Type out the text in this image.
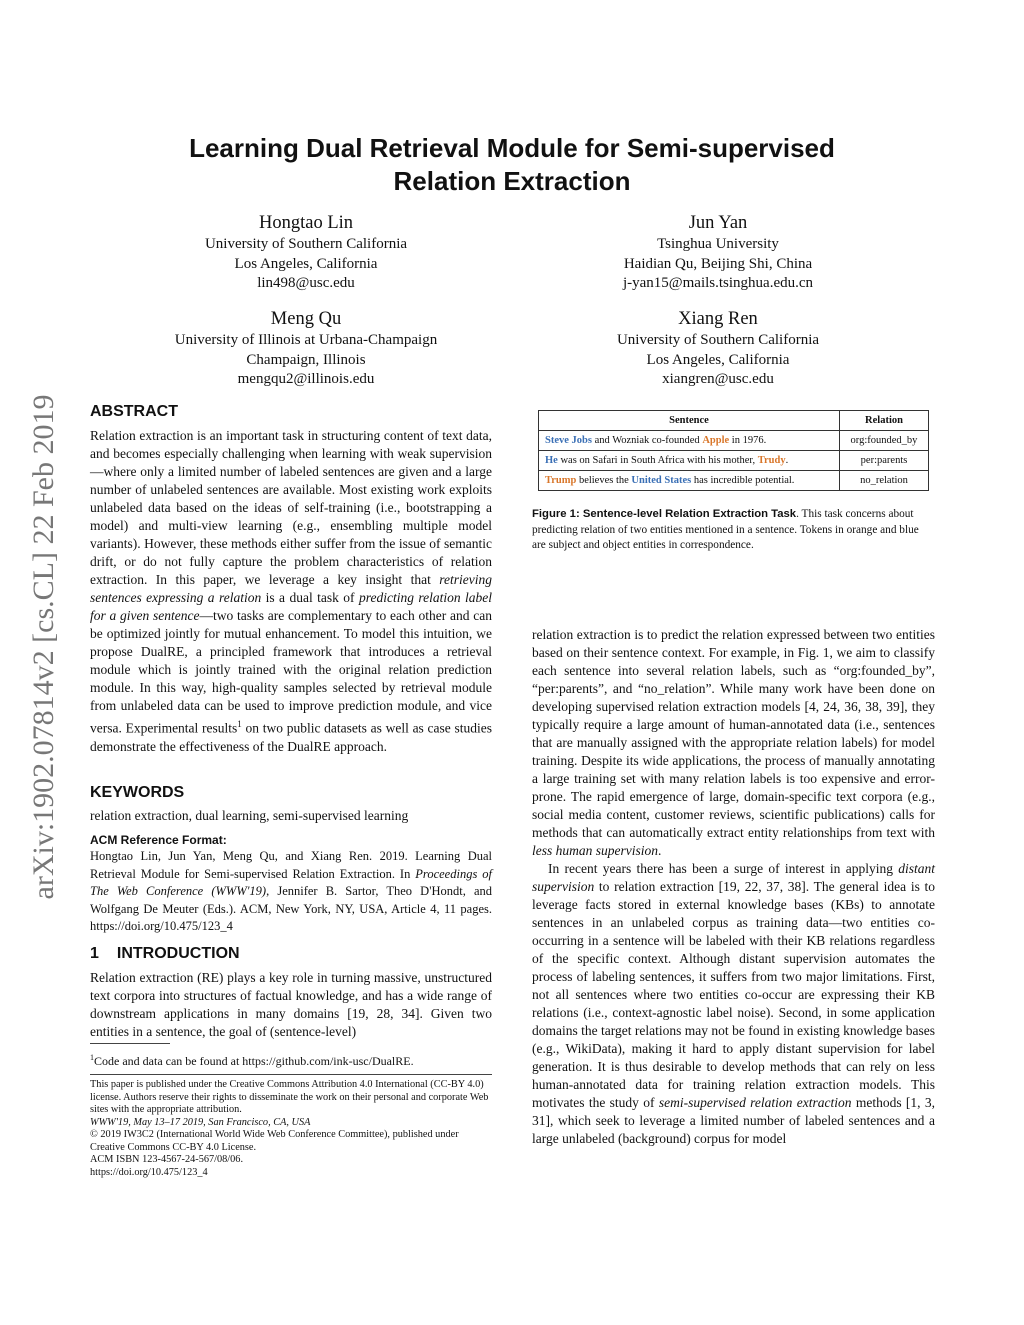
arXiv:1902.07814v2 [cs.CL] 22 Feb 2019
Learning Dual Retrieval Module for Semi-supervised
Relation Extraction
Hongtao Lin
University of Southern California
Los Angeles, California
lin498@usc.edu
Jun Yan
Tsinghua University
Haidian Qu, Beijing Shi, China
j-yan15@mails.tsinghua.edu.cn
Meng Qu
University of Illinois at Urbana-Champaign
Champaign, Illinois
mengqu2@illinois.edu
Xiang Ren
University of Southern California
Los Angeles, California
xiangren@usc.edu
ABSTRACT
Relation extraction is an important task in structuring content of text data, and becomes especially challenging when learning with weak supervision—where only a limited number of labeled sentences are given and a large number of unlabeled sentences are available. Most existing work exploits unlabeled data based on the ideas of self-training (i.e., bootstrapping a model) and multi-view learning (e.g., ensembling multiple model variants). However, these methods either suffer from the issue of semantic drift, or do not fully capture the problem characteristics of relation extraction. In this paper, we leverage a key insight that retrieving sentences expressing a relation is a dual task of predicting relation label for a given sentence—two tasks are complementary to each other and can be optimized jointly for mutual enhancement. To model this intuition, we propose DualRE, a principled framework that introduces a retrieval module which is jointly trained with the original relation prediction module. In this way, high-quality samples selected by retrieval module from unlabeled data can be used to improve prediction module, and vice versa. Experimental results$^1$ on two public datasets as well as case studies demonstrate the effectiveness of the DualRE approach.
KEYWORDS
relation extraction, dual learning, semi-supervised learning
ACM Reference Format:
Hongtao Lin, Jun Yan, Meng Qu, and Xiang Ren. 2019. Learning Dual Retrieval Module for Semi-supervised Relation Extraction. In Proceedings of The Web Conference (WWW'19), Jennifer B. Sartor, Theo D'Hondt, and Wolfgang De Meuter (Eds.). ACM, New York, NY, USA, Article 4, 11 pages. https://doi.org/10.475/123_4
1 INTRODUCTION
Relation extraction (RE) plays a key role in turning massive, unstructured text corpora into structures of factual knowledge, and has a wide range of downstream applications in many domains [19, 28, 34]. Given two entities in a sentence, the goal of (sentence-level)
$^1$Code and data can be found at https://github.com/ink-usc/DualRE.

This paper is published under the Creative Commons Attribution 4.0 International (CC-BY 4.0) license. Authors reserve their rights to disseminate the work on their personal and corporate Web sites with the appropriate attribution.

WWW'19, May 13–17 2019, San Francisco, CA, USA

© 2019 IW3C2 (International World Wide Web Conference Committee), published under Creative Commons CC-BY 4.0 License.

ACM ISBN 123-4567-24-567/08/06.

https://doi.org/10.475/123_4

Sentence	Relation
Steve Jobs and Wozniak co-founded Apple in 1976.	org:founded_by
He was on Safari in South Africa with his mother, Trudy.	per:parents
Trump believes the United States has incredible potential.	no_relation
Figure 1: Sentence-level Relation Extraction Task. This task concerns about predicting relation of two entities mentioned in a sentence. Tokens in orange and blue are subject and object entities in correspondence.

relation extraction is to predict the relation expressed between two entities based on their sentence context. For example, in Fig. 1, we aim to classify each sentence into several relation labels, such as “org:founded_by”, “per:parents”, and “no_relation”. While many work have been done on developing supervised relation extraction models [4, 24, 36, 38, 39], they typically require a large amount of human-annotated data (i.e., sentences that are manually assigned with the appropriate relation labels) for model training. Despite its wide applications, the process of manually annotating a large training set with many relation labels is too expensive and error-prone. The rapid emergence of large, domain-specific text corpora (e.g., social media content, customer reviews, scientific publications) calls for methods that can automatically extract entity relationships from text with less human supervision.

In recent years there has been a surge of interest in applying distant supervision to relation extraction [19, 22, 37, 38]. The general idea is to leverage facts stored in external knowledge bases (KBs) to annotate sentences in an unlabeled corpus as training data—two entities co-occurring in a sentence will be labeled with their KB relations regardless of the specific context. Although distant supervision automates the process of labeling sentences, it suffers from two major limitations. First, not all sentences where two entities co-occur are expressing their KB relations (i.e., context-agnostic label noise). Second, in some application domains the target relations may not be found in existing knowledge bases (e.g., WikiData), making it hard to apply distant supervision for label generation. It is thus desirable to develop methods that can rely on less human-annotated data for training relation extraction models. This motivates the study of semi-supervised relation extraction methods [1, 3, 31], which seek to leverage a limited number of labeled sentences and a large unlabeled (background) corpus for model
